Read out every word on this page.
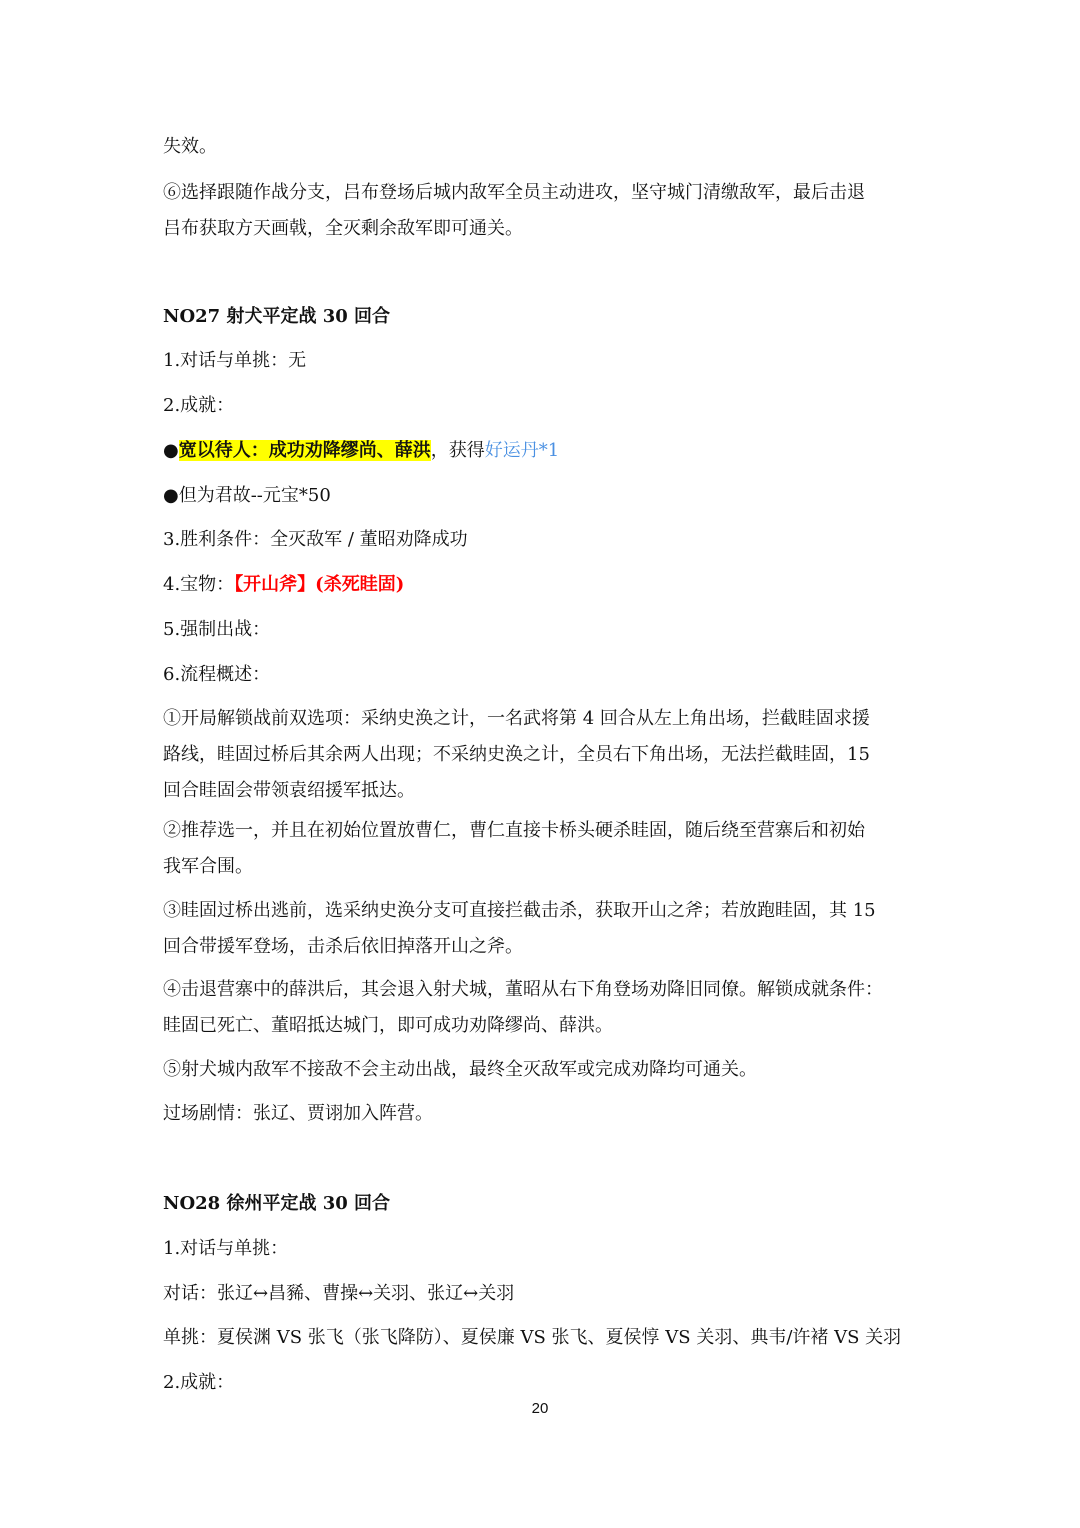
失效。
⑥选择跟随作战分支，吕布登场后城内敌军全员主动进攻，坚守城门清缴敌军，最后击退
吕布获取方天画戟，全灭剩余敌军即可通关。
NO27 射犬平定战 30 回合
1.对话与单挑：无
2.成就：
●宽以待人：成功劝降缪尚、薛洪，获得好运丹*1
●但为君故--元宝*50
3.胜利条件：全灭敌军 / 董昭劝降成功
4.宝物：【开山斧】(杀死眭固)
5.强制出战：
6.流程概述：
①开局解锁战前双选项：采纳史涣之计，一名武将第 4 回合从左上角出场，拦截眭固求援
路线，眭固过桥后其余两人出现；不采纳史涣之计，全员右下角出场，无法拦截眭固，15
回合眭固会带领袁绍援军抵达。
②推荐选一，并且在初始位置放曹仁，曹仁直接卡桥头硬杀眭固，随后绕至营寨后和初始
我军合围。
③眭固过桥出逃前，选采纳史涣分支可直接拦截击杀，获取开山之斧；若放跑眭固，其 15
回合带援军登场，击杀后依旧掉落开山之斧。
④击退营寨中的薛洪后，其会退入射犬城，董昭从右下角登场劝降旧同僚。解锁成就条件：
眭固已死亡、董昭抵达城门，即可成功劝降缪尚、薛洪。
⑤射犬城内敌军不接敌不会主动出战，最终全灭敌军或完成劝降均可通关。
过场剧情：张辽、贾诩加入阵营。
NO28 徐州平定战 30 回合
1.对话与单挑：
对话：张辽↔昌豨、曹操↔关羽、张辽↔关羽
单挑：夏侯渊 VS 张飞（张飞降防）、夏侯廉 VS 张飞、夏侯惇 VS 关羽、典韦/许褚 VS 关羽
2.成就：
20
